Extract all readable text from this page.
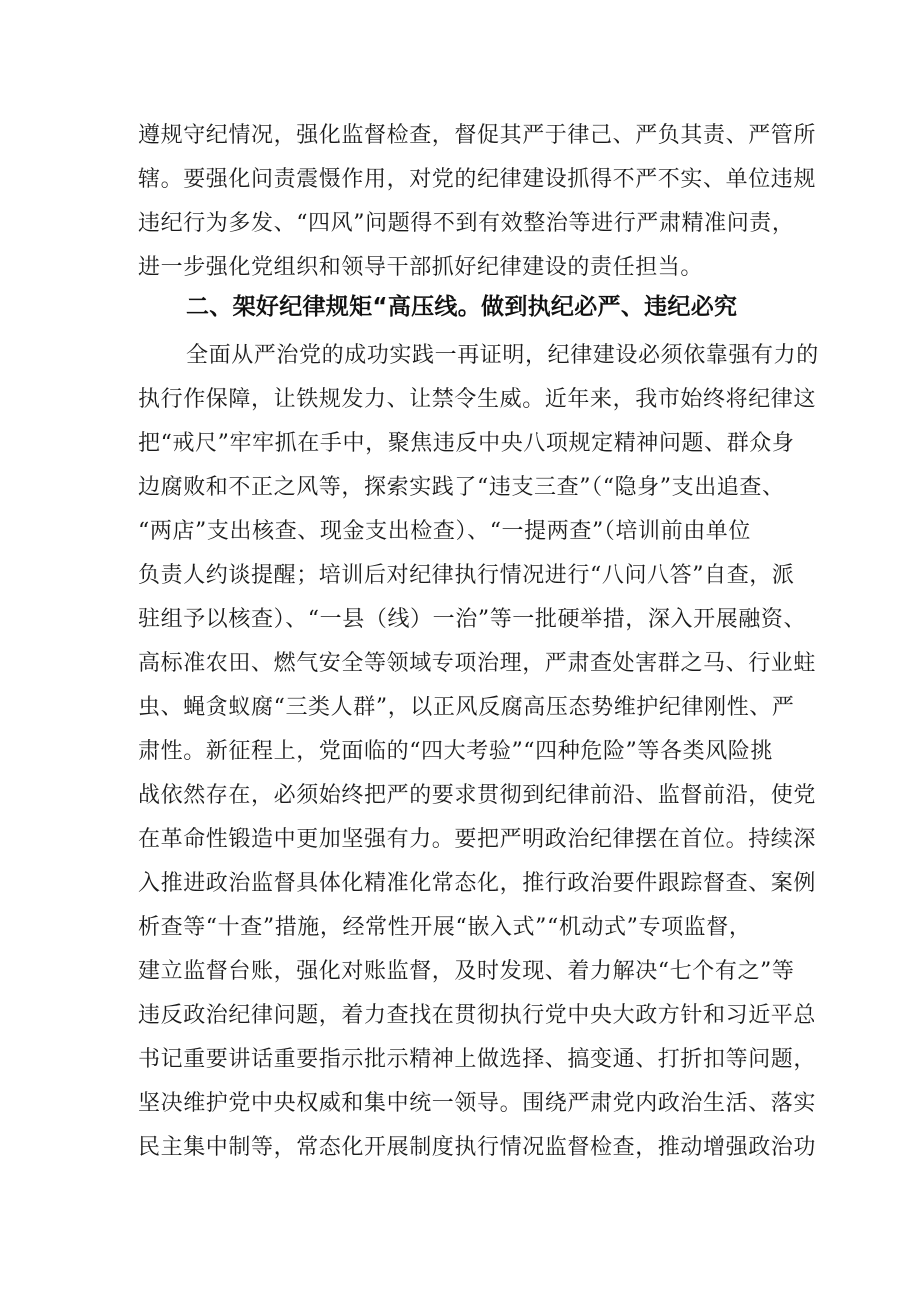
遵规守纪情况，强化监督检查，督促其严于律己、严负其责、严管所
辖。要强化问责震慑作用，对党的纪律建设抓得不严不实、单位违规
违纪行为多发、“四风”问题得不到有效整治等进行严肃精准问责，
进一步强化党组织和领导干部抓好纪律建设的责任担当。
二、架好纪律规矩“高压线。做到执纪必严、违纪必究
全面从严治党的成功实践一再证明，纪律建设必须依靠强有力的
执行作保障，让铁规发力、让禁令生威。近年来，我市始终将纪律这
把“戒尺”牢牢抓在手中，聚焦违反中央八项规定精神问题、群众身
边腐败和不正之风等，探索实践了“违支三查”（“隐身”支出追查、
“两店”支出核查、现金支出检查）、“一提两查”（培训前由单位
负责人约谈提醒；培训后对纪律执行情况进行“八问八答”自查，派
驻组予以核查）、“一县（线）一治”等一批硬举措，深入开展融资、
高标准农田、燃气安全等领域专项治理，严肃查处害群之马、行业蛀
虫、蝇贪蚁腐“三类人群”，以正风反腐高压态势维护纪律刚性、严
肃性。新征程上，党面临的“四大考验”“四种危险”等各类风险挑
战依然存在，必须始终把严的要求贯彻到纪律前沿、监督前沿，使党
在革命性锻造中更加坚强有力。要把严明政治纪律摆在首位。持续深
入推进政治监督具体化精准化常态化，推行政治要件跟踪督查、案例
析查等“十查”措施，经常性开展“嵌入式”“机动式”专项监督，
建立监督台账，强化对账监督，及时发现、着力解决“七个有之”等
违反政治纪律问题，着力查找在贯彻执行党中央大政方针和习近平总
书记重要讲话重要指示批示精神上做选择、搞变通、打折扣等问题，
坚决维护党中央权威和集中统一领导。围绕严肃党内政治生活、落实
民主集中制等，常态化开展制度执行情况监督检查，推动增强政治功
